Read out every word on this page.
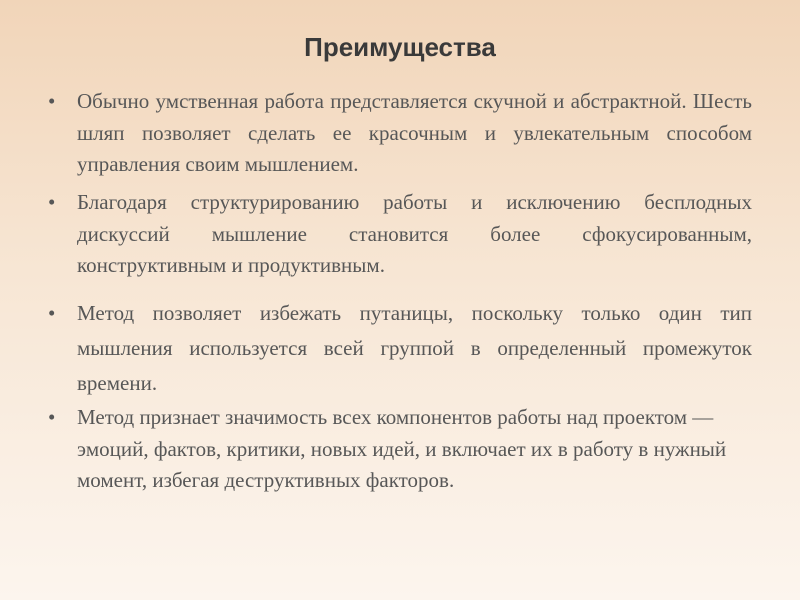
Преимущества
•	Обычно умственная работа представляется скучной и абстрактной. Шесть шляп позволяет сделать ее красочным и увлекательным способом управления своим мышлением.
•	Благодаря структурированию работы и исключению бесплодных дискуссий мышление становится более сфокусированным, конструктивным и продуктивным.
•	Метод позволяет избежать путаницы, поскольку только один тип мышления используется всей группой в определенный промежуток времени.
•	Метод признает значимость всех компонентов работы над проектом — эмоций, фактов, критики, новых идей, и включает их в работу в нужный момент, избегая деструктивных факторов.
